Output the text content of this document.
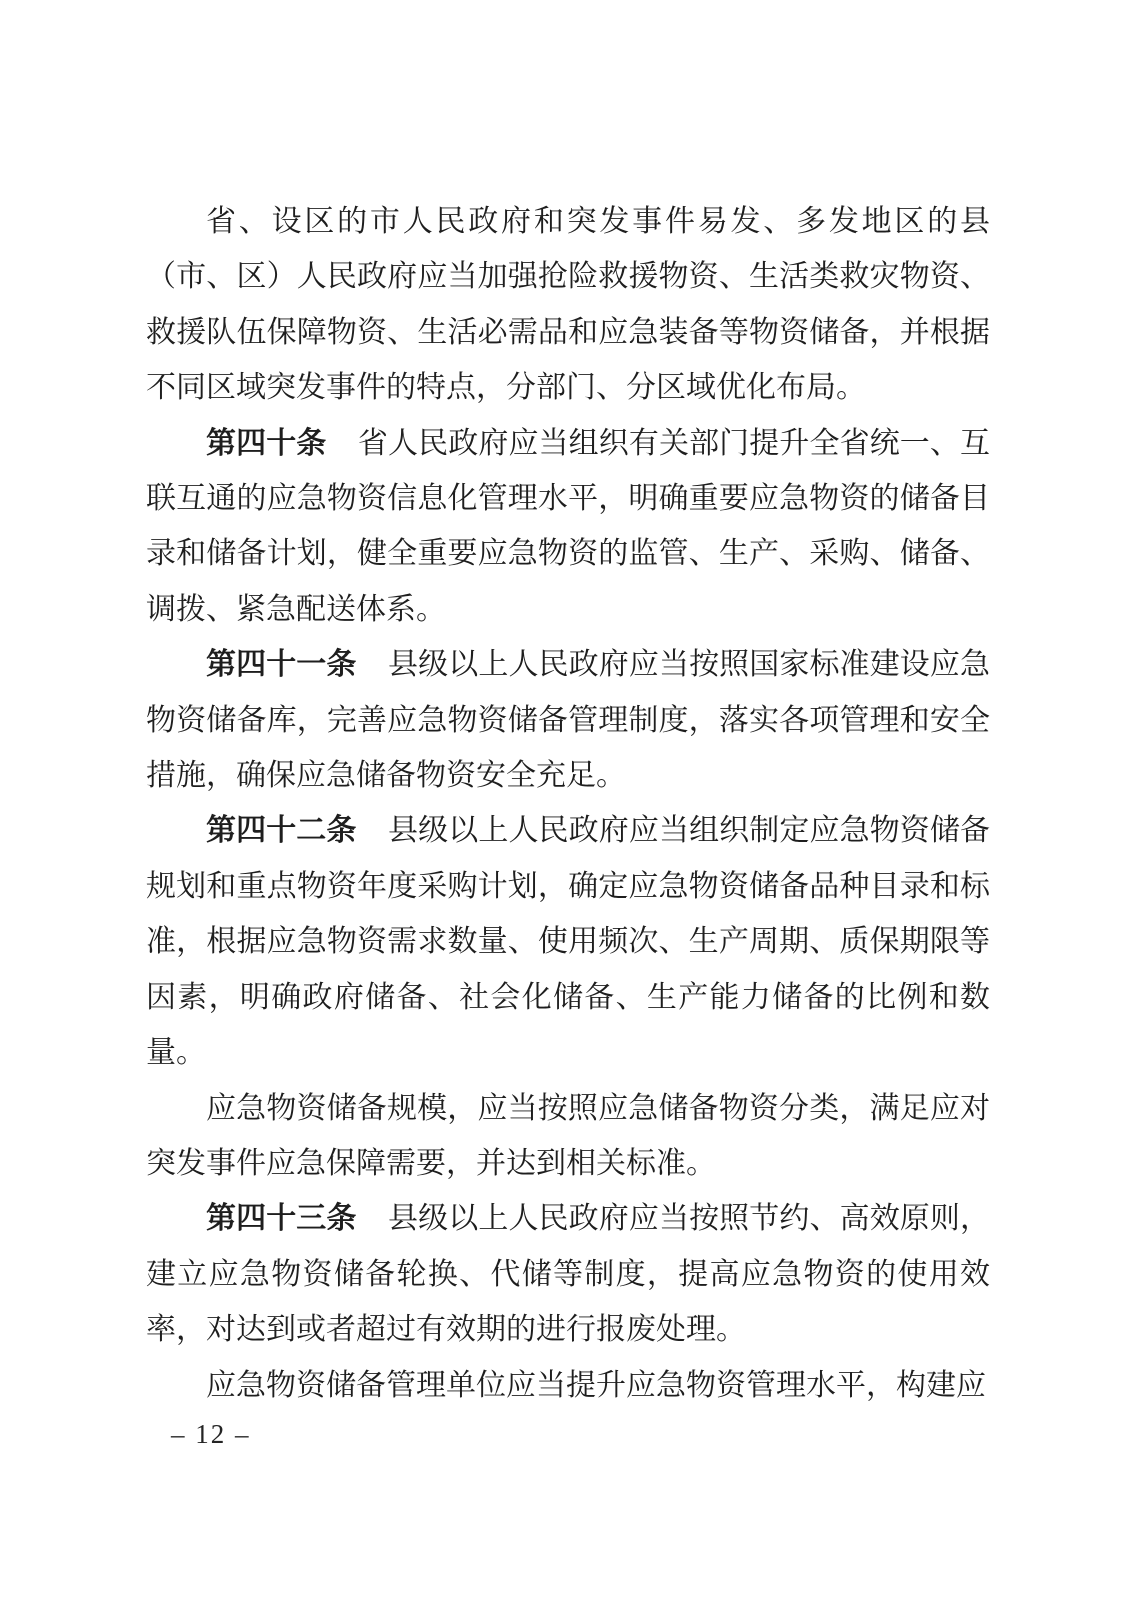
省、设区的市人民政府和突发事件易发、多发地区的县（市、区）人民政府应当加强抢险救援物资、生活类救灾物资、救援队伍保障物资、生活必需品和应急装备等物资储备，并根据不同区域突发事件的特点，分部门、分区域优化布局。

第四十条 省人民政府应当组织有关部门提升全省统一、互联互通的应急物资信息化管理水平，明确重要应急物资的储备目录和储备计划，健全重要应急物资的监管、生产、采购、储备、调拨、紧急配送体系。

第四十一条 县级以上人民政府应当按照国家标准建设应急物资储备库，完善应急物资储备管理制度，落实各项管理和安全措施，确保应急储备物资安全充足。

第四十二条 县级以上人民政府应当组织制定应急物资储备规划和重点物资年度采购计划，确定应急物资储备品种目录和标准，根据应急物资需求数量、使用频次、生产周期、质保期限等因素，明确政府储备、社会化储备、生产能力储备的比例和数量。

应急物资储备规模，应当按照应急储备物资分类，满足应对突发事件应急保障需要，并达到相关标准。

第四十三条 县级以上人民政府应当按照节约、高效原则，建立应急物资储备轮换、代储等制度，提高应急物资的使用效率，对达到或者超过有效期的进行报废处理。

应急物资储备管理单位应当提升应急物资管理水平，构建应

– 12 –
